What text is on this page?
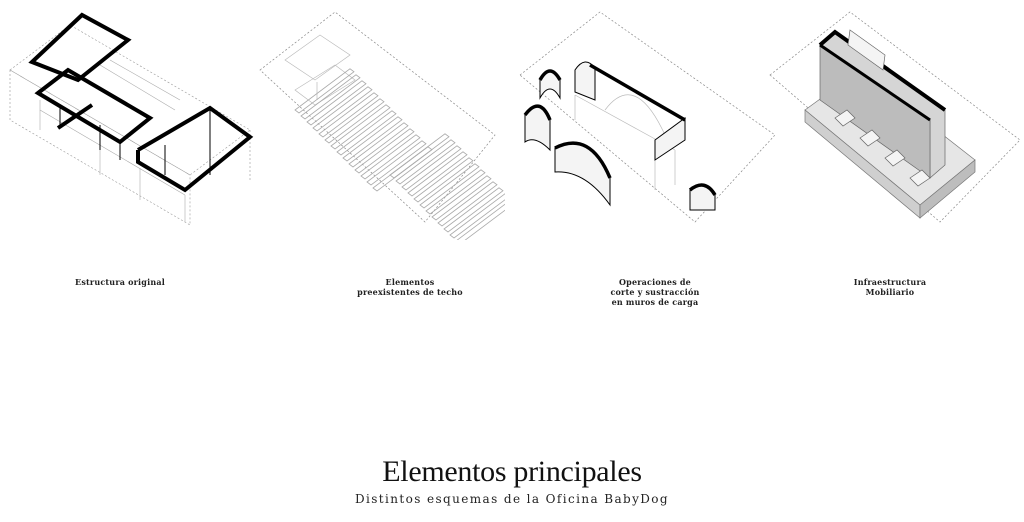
Estructura original	Elementos
preexistentes de techo
Operaciones de
corte y sustracción
en muros de carga
Infraestructura
Mobiliario
Elementos principales
Distintos esquemas de la Oficina BabyDog
